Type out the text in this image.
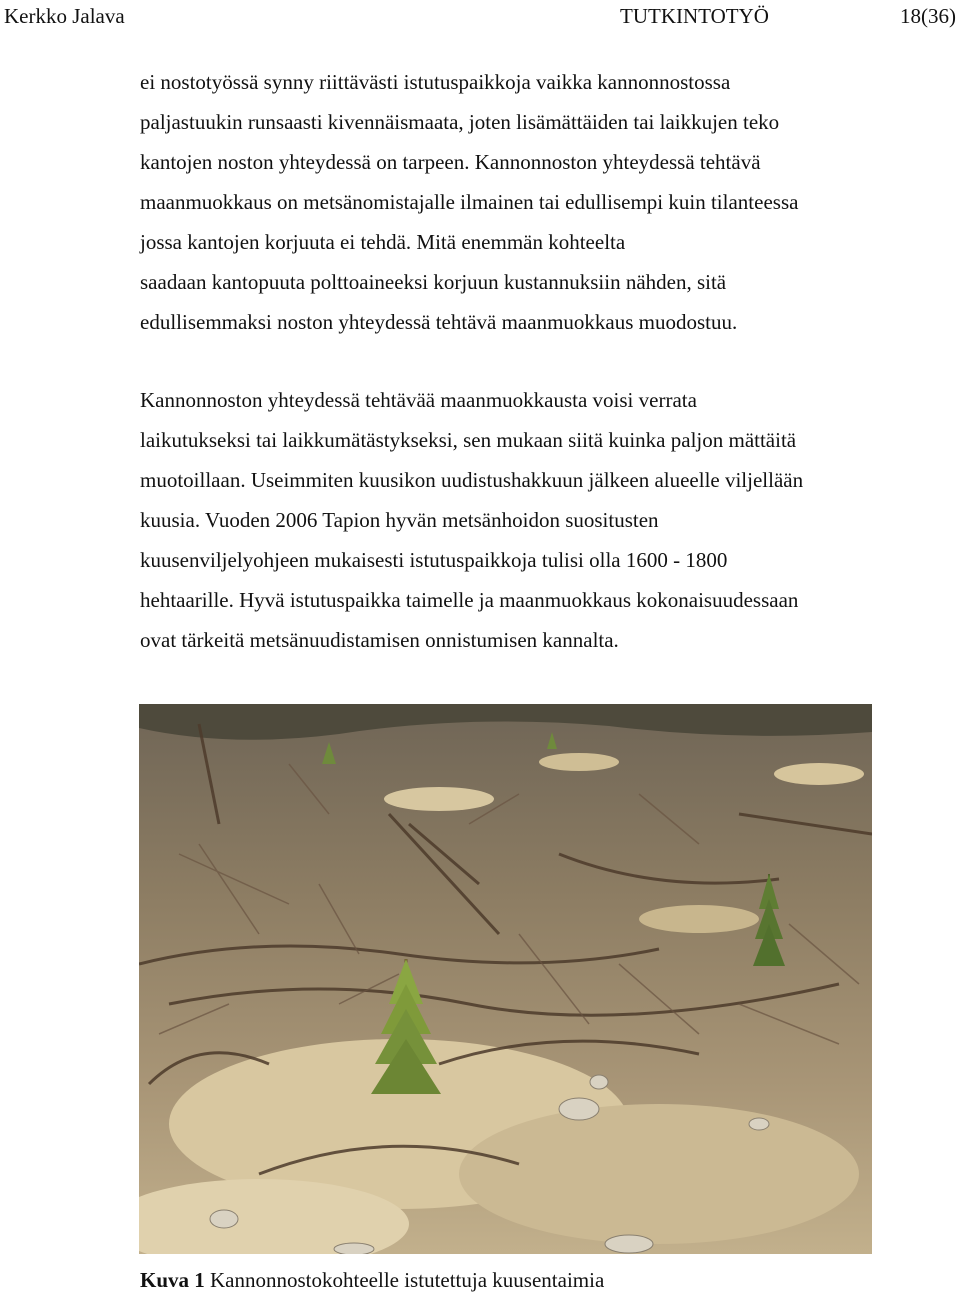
Kerkko Jalava	TUTKINTOTYÖ	18(36)

ei nostotyössä synny riittävästi istutuspaikkoja vaikka kannonnostossa
paljastuukin runsaasti kivennäismaata, joten lisämättäiden tai laikkujen teko
kantojen noston yhteydessä on tarpeen. Kannonnoston yhteydessä tehtävä
maanmuokkaus on metsänomistajalle ilmainen tai edullisempi kuin tilanteessa
jossa kantojen korjuuta ei tehdä. Mitä enemmän kohteelta
saadaan kantopuuta polttoaineeksi korjuun kustannuksiin nähden, sitä
edullisemmaksi noston yhteydessä tehtävä maanmuokkaus muodostuu.

Kannonnoston yhteydessä tehtävää maanmuokkausta voisi verrata
laikutukseksi tai laikkumätästykseksi, sen mukaan siitä kuinka paljon mättäitä
muotoillaan. Useimmiten kuusikon uudistushakkuun jälkeen alueelle viljellään
kuusia. Vuoden 2006 Tapion hyvän metsänhoidon suositusten
kuusenviljelyohjeen mukaisesti istutuspaikkoja tulisi olla 1600 - 1800
hehtaarille. Hyvä istutuspaikka taimelle ja maanmuokkaus kokonaisuudessaan
ovat tärkeitä metsänuudistamisen onnistumisen kannalta.

Kuva 1 Kannonnostokohteelle istutettuja kuusentaimia
